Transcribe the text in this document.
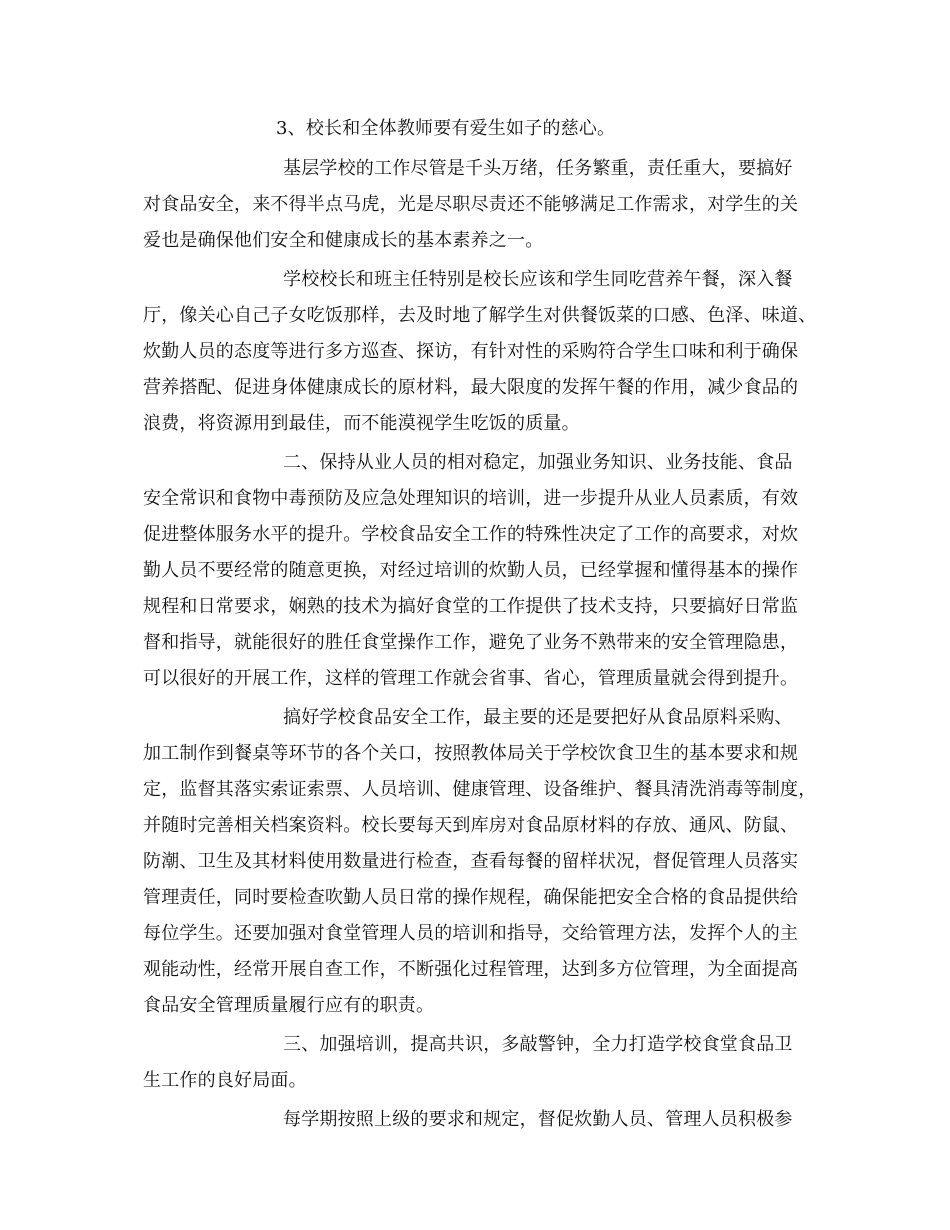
3、校长和全体教师要有爱生如子的慈心。
基层学校的工作尽管是千头万绪，任务繁重，责任重大，要搞好
对食品安全，来不得半点马虎，光是尽职尽责还不能够满足工作需求，对学生的关
爱也是确保他们安全和健康成长的基本素养之一。
学校校长和班主任特别是校长应该和学生同吃营养午餐，深入餐
厅，像关心自己子女吃饭那样，去及时地了解学生对供餐饭菜的口感、色泽、味道、
炊勤人员的态度等进行多方巡查、探访，有针对性的采购符合学生口味和利于确保
营养搭配、促进身体健康成长的原材料，最大限度的发挥午餐的作用，减少食品的
浪费，将资源用到最佳，而不能漠视学生吃饭的质量。
二、保持从业人员的相对稳定，加强业务知识、业务技能、食品
安全常识和食物中毒预防及应急处理知识的培训，进一步提升从业人员素质，有效
促进整体服务水平的提升。学校食品安全工作的特殊性决定了工作的高要求，对炊
勤人员不要经常的随意更换，对经过培训的炊勤人员，已经掌握和懂得基本的操作
规程和日常要求，娴熟的技术为搞好食堂的工作提供了技术支持，只要搞好日常监
督和指导，就能很好的胜任食堂操作工作，避免了业务不熟带来的安全管理隐患，
可以很好的开展工作，这样的管理工作就会省事、省心，管理质量就会得到提升。
搞好学校食品安全工作，最主要的还是要把好从食品原料采购、
加工制作到餐桌等环节的各个关口，按照教体局关于学校饮食卫生的基本要求和规
定，监督其落实索证索票、人员培训、健康管理、设备维护、餐具清洗消毒等制度，
并随时完善相关档案资料。校长要每天到库房对食品原材料的存放、通风、防鼠、
防潮、卫生及其材料使用数量进行检查，查看每餐的留样状况，督促管理人员落实
管理责任，同时要检查吹勤人员日常的操作规程，确保能把安全合格的食品提供给
每位学生。还要加强对食堂管理人员的培训和指导，交给管理方法，发挥个人的主
观能动性，经常开展自查工作，不断强化过程管理，达到多方位管理，为全面提高
食品安全管理质量履行应有的职责。
三、加强培训，提高共识，多敲警钟，全力打造学校食堂食品卫
生工作的良好局面。
每学期按照上级的要求和规定，督促炊勤人员、管理人员积极参
